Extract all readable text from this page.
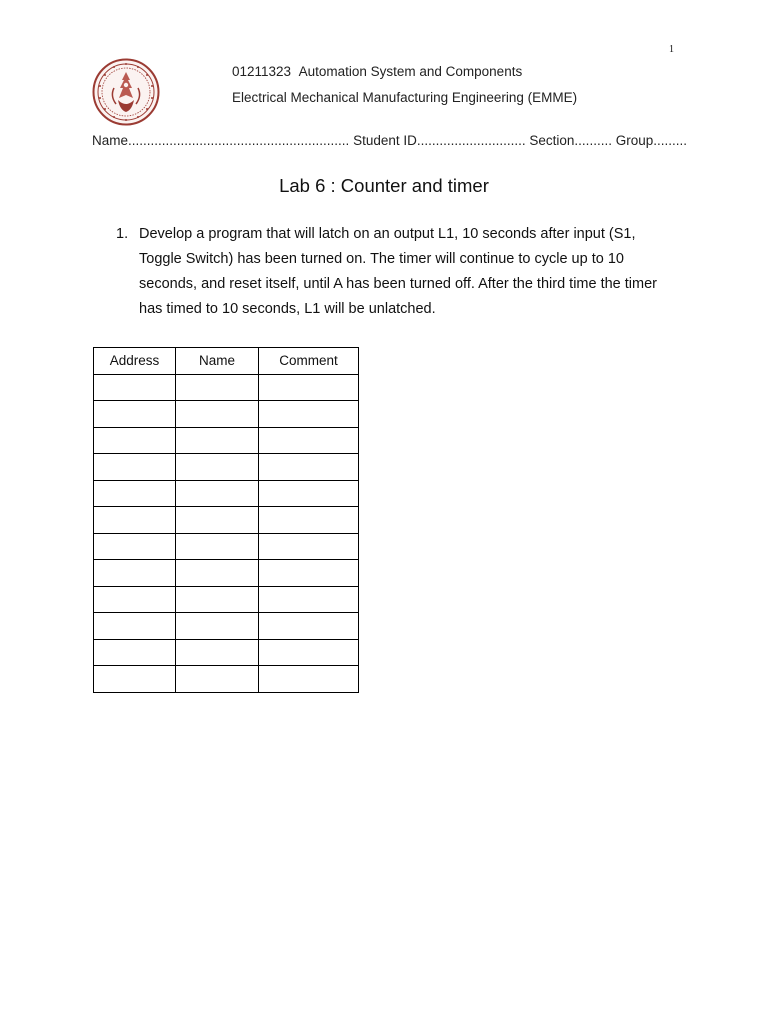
1
01211323 Automation System and Components
Electrical Mechanical Manufacturing Engineering (EMME)
Name........................................................... Student ID............................. Section.......... Group.........
Lab 6 : Counter and timer
1. Develop a program that will latch on an output L1, 10 seconds after input (S1, Toggle Switch) has been turned on. The timer will continue to cycle up to 10 seconds, and reset itself, until A has been turned off. After the third time the timer has timed to 10 seconds, L1 will be unlatched.
Address	Name	Comment
